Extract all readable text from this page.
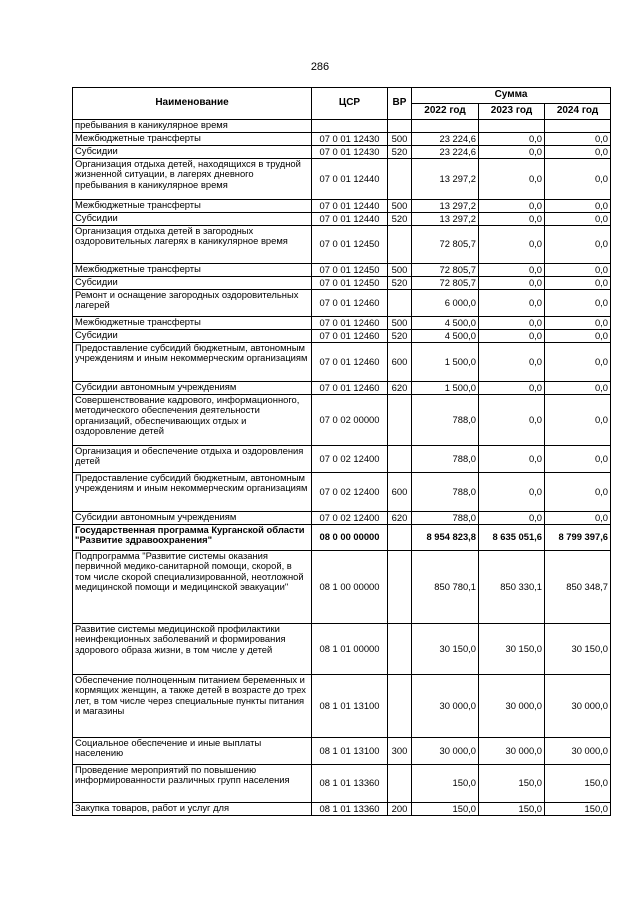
286
Наименование	ЦСР	ВР	Сумма		
			2022 год	2023 год	2024 год
пребывания в каникулярное время					
Межбюджетные трансферты	07 0 01 12430	500	23 224,6	0,0	0,0
Субсидии	07 0 01 12430	520	23 224,6	0,0	0,0
Организация отдыха детей, находящихся в трудной жизненной ситуации, в лагерях дневного пребывания в каникулярное время	07 0 01 12440		13 297,2	0,0	0,0
Межбюджетные трансферты	07 0 01 12440	500	13 297,2	0,0	0,0
Субсидии	07 0 01 12440	520	13 297,2	0,0	0,0
Организация отдыха детей в загородных оздоровительных лагерях в каникулярное время	07 0 01 12450		72 805,7	0,0	0,0
Межбюджетные трансферты	07 0 01 12450	500	72 805,7	0,0	0,0
Субсидии	07 0 01 12450	520	72 805,7	0,0	0,0
Ремонт и оснащение загородных оздоровительных лагерей	07 0 01 12460		6 000,0	0,0	0,0
Межбюджетные трансферты	07 0 01 12460	500	4 500,0	0,0	0,0
Субсидии	07 0 01 12460	520	4 500,0	0,0	0,0
Предоставление субсидий бюджетным, автономным учреждениям и иным некоммерческим организациям	07 0 01 12460	600	1 500,0	0,0	0,0
Субсидии автономным учреждениям	07 0 01 12460	620	1 500,0	0,0	0,0
Совершенствование кадрового, информационного, методического обеспечения деятельности организаций, обеспечивающих отдых и оздоровление детей	07 0 02 00000		788,0	0,0	0,0
Организация и обеспечение отдыха и оздоровления детей	07 0 02 12400		788,0	0,0	0,0
Предоставление субсидий бюджетным, автономным учреждениям и иным некоммерческим организациям	07 0 02 12400	600	788,0	0,0	0,0
Субсидии автономным учреждениям	07 0 02 12400	620	788,0	0,0	0,0
Государственная программа Курганской области "Развитие здравоохранения"	08 0 00 00000		8 954 823,8	8 635 051,6	8 799 397,6
Подпрограмма "Развитие системы оказания первичной медико-санитарной помощи, скорой, в том числе скорой специализированной, неотложной медицинской помощи и медицинской эвакуации"	08 1 00 00000		850 780,1	850 330,1	850 348,7
Развитие системы медицинской профилактики неинфекционных заболеваний и формирования здорового образа жизни, в том числе у детей	08 1 01 00000		30 150,0	30 150,0	30 150,0
Обеспечение полноценным питанием беременных и кормящих женщин, а также детей в возрасте до трех лет, в том числе через специальные пункты питания и магазины	08 1 01 13100		30 000,0	30 000,0	30 000,0
Социальное обеспечение и иные выплаты населению	08 1 01 13100	300	30 000,0	30 000,0	30 000,0
Проведение мероприятий по повышению информированности различных групп населения	08 1 01 13360		150,0	150,0	150,0
Закупка товаров, работ и услуг для	08 1 01 13360	200	150,0	150,0	150,0
